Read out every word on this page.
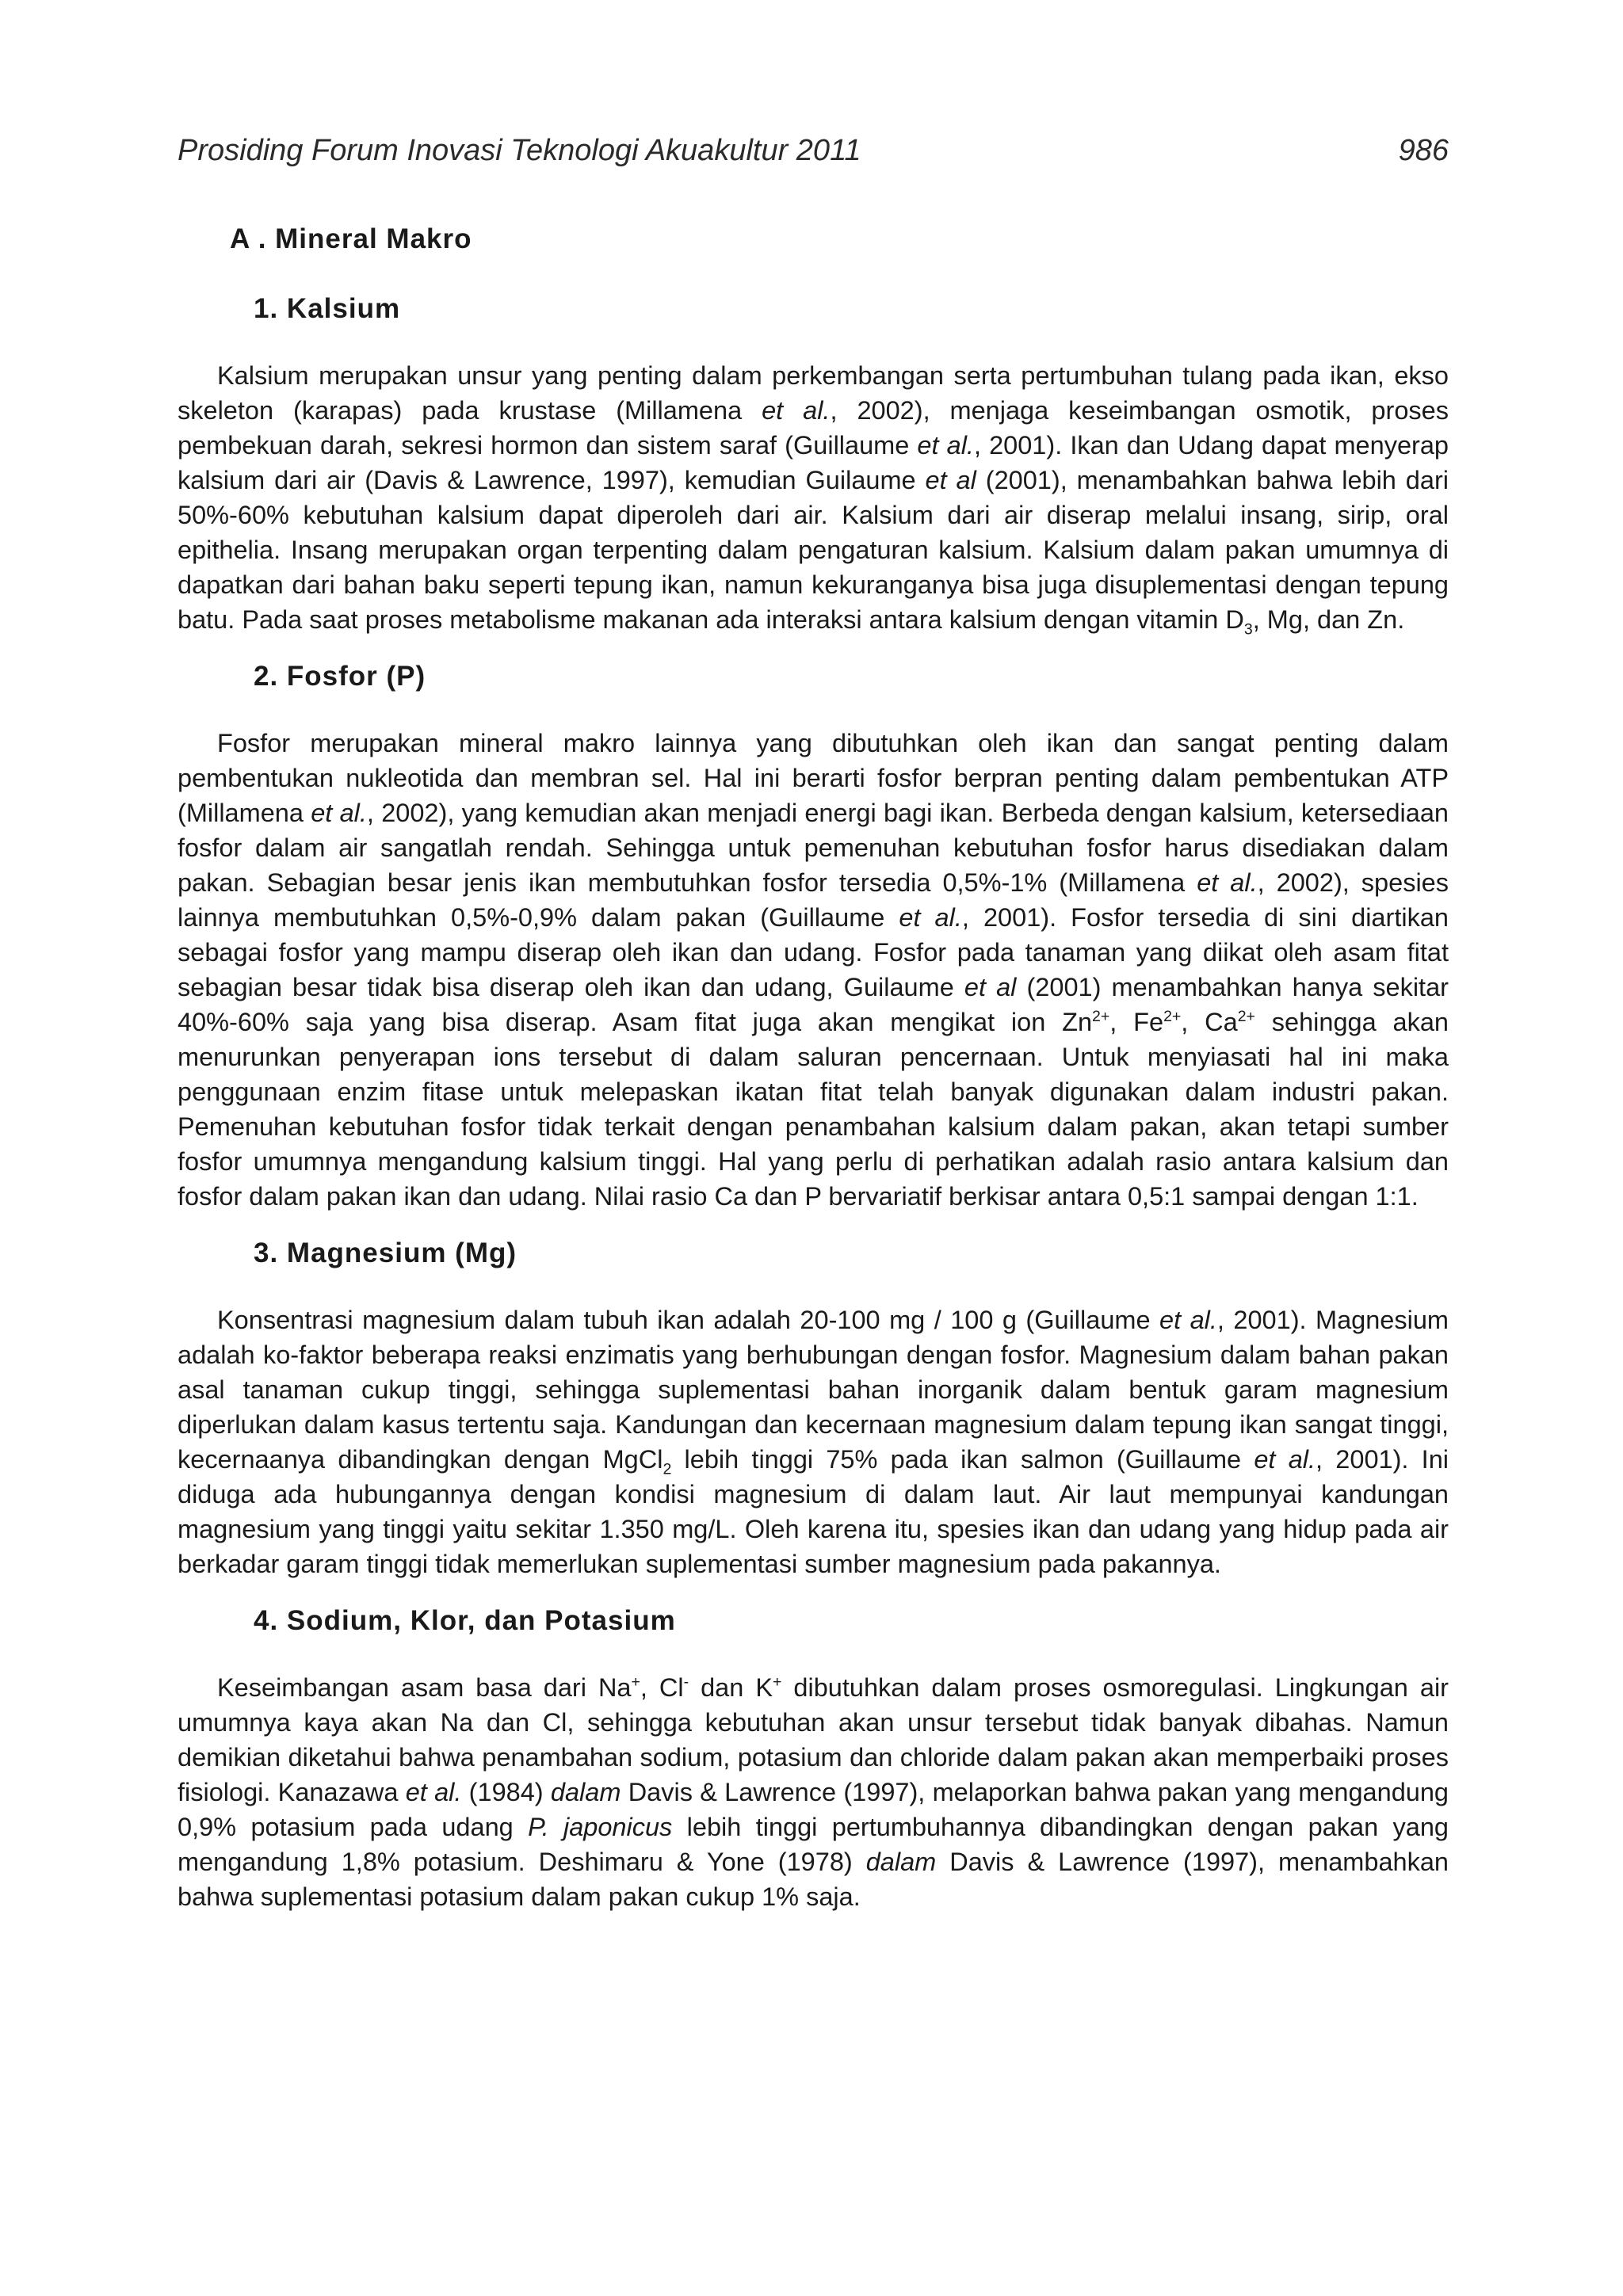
Prosiding Forum Inovasi Teknologi Akuakultur 2011	986
A . Mineral Makro
1. Kalsium

Kalsium merupakan unsur yang penting dalam perkembangan serta pertumbuhan tulang pada ikan, ekso skeleton (karapas) pada krustase (Millamena et al., 2002), menjaga keseimbangan osmotik, proses pembekuan darah, sekresi hormon dan sistem saraf (Guillaume et al., 2001). Ikan dan Udang dapat menyerap kalsium dari air (Davis & Lawrence, 1997), kemudian Guilaume et al (2001), menambahkan bahwa lebih dari 50%-60% kebutuhan kalsium dapat diperoleh dari air. Kalsium dari air diserap melalui insang, sirip, oral epithelia. Insang merupakan organ terpenting dalam pengaturan kalsium. Kalsium dalam pakan umumnya di dapatkan dari bahan baku seperti tepung ikan, namun kekuranganya bisa juga disuplementasi dengan tepung batu. Pada saat proses metabolisme makanan ada interaksi antara kalsium dengan vitamin $D_3$, Mg, dan Zn.

2. Fosfor (P)

Fosfor merupakan mineral makro lainnya yang dibutuhkan oleh ikan dan sangat penting dalam pembentukan nukleotida dan membran sel. Hal ini berarti fosfor berpran penting dalam pembentukan ATP (Millamena et al., 2002), yang kemudian akan menjadi energi bagi ikan. Berbeda dengan kalsium, ketersediaan fosfor dalam air sangatlah rendah. Sehingga untuk pemenuhan kebutuhan fosfor harus disediakan dalam pakan. Sebagian besar jenis ikan membutuhkan fosfor tersedia 0,5%-1% (Millamena et al., 2002), spesies lainnya membutuhkan 0,5%-0,9% dalam pakan (Guillaume et al., 2001). Fosfor tersedia di sini diartikan sebagai fosfor yang mampu diserap oleh ikan dan udang. Fosfor pada tanaman yang diikat oleh asam fitat sebagian besar tidak bisa diserap oleh ikan dan udang, Guilaume et al (2001) menambahkan hanya sekitar 40%-60% saja yang bisa diserap. Asam fitat juga akan mengikat ion $Zn^{2+}$, $Fe^{2+}$, $Ca^{2+}$ sehingga akan menurunkan penyerapan ions tersebut di dalam saluran pencernaan. Untuk menyiasati hal ini maka penggunaan enzim fitase untuk melepaskan ikatan fitat telah banyak digunakan dalam industri pakan. Pemenuhan kebutuhan fosfor tidak terkait dengan penambahan kalsium dalam pakan, akan tetapi sumber fosfor umumnya mengandung kalsium tinggi. Hal yang perlu di perhatikan adalah rasio antara kalsium dan fosfor dalam pakan ikan dan udang. Nilai rasio Ca dan P bervariatif berkisar antara 0,5:1 sampai dengan 1:1.

3. Magnesium (Mg)

Konsentrasi magnesium dalam tubuh ikan adalah 20-100 mg / 100 g (Guillaume et al., 2001). Magnesium adalah ko-faktor beberapa reaksi enzimatis yang berhubungan dengan fosfor. Magnesium dalam bahan pakan asal tanaman cukup tinggi, sehingga suplementasi bahan inorganik dalam bentuk garam magnesium diperlukan dalam kasus tertentu saja. Kandungan dan kecernaan magnesium dalam tepung ikan sangat tinggi, kecernaanya dibandingkan dengan MgCl$_2$ lebih tinggi 75% pada ikan salmon (Guillaume et al., 2001). Ini diduga ada hubungannya dengan kondisi magnesium di dalam laut. Air laut mempunyai kandungan magnesium yang tinggi yaitu sekitar 1.350 mg/L. Oleh karena itu, spesies ikan dan udang yang hidup pada air berkadar garam tinggi tidak memerlukan suplementasi sumber magnesium pada pakannya.

4. Sodium, Klor, dan Potasium

Keseimbangan asam basa dari Na+, Cl- dan K+ dibutuhkan dalam proses osmoregulasi. Lingkungan air umumnya kaya akan Na dan Cl, sehingga kebutuhan akan unsur tersebut tidak banyak dibahas. Namun demikian diketahui bahwa penambahan sodium, potasium dan chloride dalam pakan akan memperbaiki proses fisiologi. Kanazawa et al. (1984) dalam Davis & Lawrence (1997), melaporkan bahwa pakan yang mengandung 0,9% potasium pada udang P. japonicus lebih tinggi pertumbuhannya dibandingkan dengan pakan yang mengandung 1,8% potasium. Deshimaru & Yone (1978) dalam Davis & Lawrence (1997), menambahkan bahwa suplementasi potasium dalam pakan cukup 1% saja.
